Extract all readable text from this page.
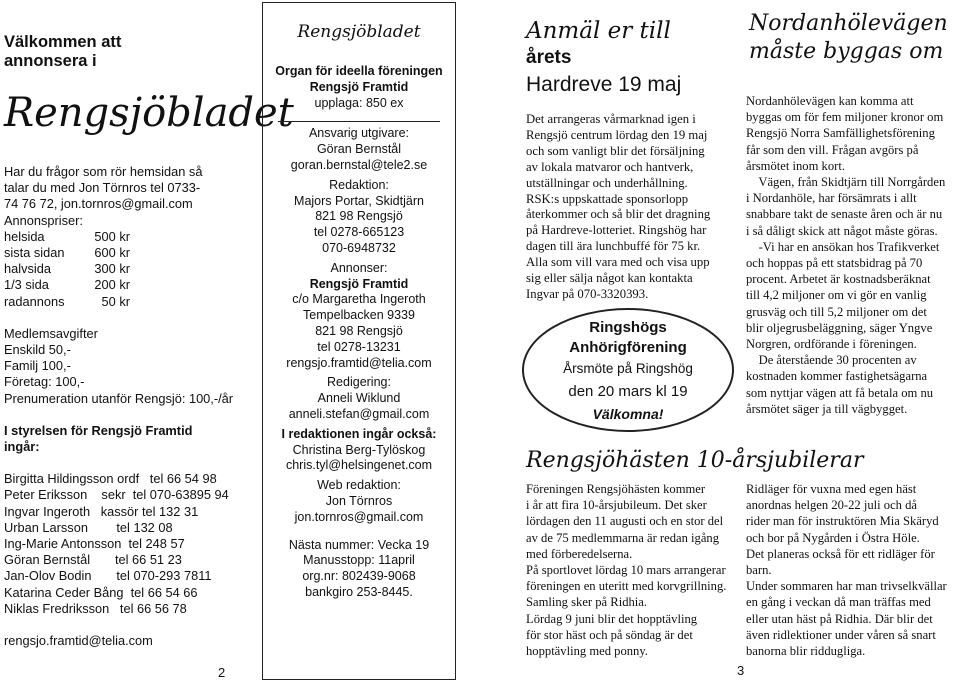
Välkommen att
annonsera i
Rengsjöbladet
Har du frågor som rör hemsidan så
talar du med Jon Törnros tel 0733-
74 76 72, jon.tornros@gmail.com
Annonspriser:
helsida	500 kr
sista sidan	600 kr
halvsida	300 kr
1/3 sida	200 kr
radannons	50 kr
Medlemsavgifter
Enskild 50,-
Familj 100,-
Företag: 100,-
Prenumeration utanför Rengsjö: 100,-/år
I styrelsen för Rengsjö Framtid
ingår:
Birgitta Hildingsson ordf   tel 66 54 98
Peter Eriksson    sekr  tel 070-63895 94
Ingvar Ingeroth   kassör tel 132 31
Urban Larsson        tel 132 08
Ing-Marie Antonsson  tel 248 57
Göran Bernstål       tel 66 51 23
Jan-Olov Bodin       tel 070-293 7811
Katarina Ceder Bång  tel 66 54 66
Niklas Fredriksson   tel 66 56 78
rengsjo.framtid@telia.com
2
Rengsjöbladet
Organ för ideella föreningen
Rengsjö Framtid
upplaga: 850 ex
Ansvarig utgivare:
Göran Bernstål
goran.bernstal@tele2.se
Redaktion:
Majors Portar, Skidtjärn
821 98 Rengsjö
tel 0278-665123
070-6948732
Annonser:
Rengsjö Framtid
c/o Margaretha Ingeroth
Tempelbacken 9339
821 98 Rengsjö
tel 0278-13231
rengsjo.framtid@telia.com
Redigering:
Anneli Wiklund
anneli.stefan@gmail.com
I redaktionen ingår också:
Christina Berg-Tylöskog
chris.tyl@helsingenet.com
Web redaktion:
Jon Törnros
jon.tornros@gmail.com
Nästa nummer: Vecka 19
Manusstopp: 11april
org.nr: 802439-9068
bankgiro 253-8445.
Anmäl er till
årets
Hardreve 19 maj
Det arrangeras vårmarknad igen i
Rengsjö centrum lördag den 19 maj
och som vanligt blir det försäljning
av lokala matvaror och hantverk,
utställningar och underhållning.
RSK:s uppskattade sponsorlopp
återkommer och så blir det dragning
på Hardreve-lotteriet. Ringshög har
dagen till ära lunchbuffé för 75 kr.
Alla som vill vara med och visa upp
sig eller sälja något kan kontakta
Ingvar på 070-3320393.
Ringshögs
Anhörigförening
Årsmöte på Ringshög
den 20 mars kl 19
Välkomna!
Nordanhölevägen
måste byggas om
Nordanhölevägen kan komma att
byggas om för fem miljoner kronor om
Rengsjö Norra Samfällighetsförening
får som den vill. Frågan avgörs på
årsmötet inom kort.
Vägen, från Skidtjärn till Norrgården
i Nordanhöle, har försämrats i allt
snabbare takt de senaste åren och är nu
i så dåligt skick att något måste göras.
-Vi har en ansökan hos Trafikverket
och hoppas på ett statsbidrag på 70
procent. Arbetet är kostnadsberäknat
till 4,2 miljoner om vi gör en vanlig
grusväg och till 5,2 miljoner om det
blir oljegrusbeläggning, säger Yngve
Norgren, ordförande i föreningen.
De återstående 30 procenten av
kostnaden kommer fastighetsägarna
som nyttjar vägen att få betala om nu
årsmötet säger ja till vägbygget.
Rengsjöhästen 10-årsjubilerar
Föreningen Rengsjöhästen kommer
i år att fira 10-årsjubileum. Det sker
lördagen den 11 augusti och en stor del
av de 75 medlemmarna är redan igång
med förberedelserna.
På sportlovet lördag 10 mars arrangerar
föreningen en uteritt med korvgrillning.
Samling sker på Ridhia.
Lördag 9 juni blir det hopptävling
för stor häst och på söndag är det
hopptävling med ponny.
Ridläger för vuxna med egen häst
anordnas helgen 20-22 juli och då
rider man för instruktören Mia Skäryd
och bor på Nygården i Östra Höle.
Det planeras också för ett ridläger för
barn.
Under sommaren har man trivselkvällar
en gång i veckan då man träffas med
eller utan häst på Ridhia. Där blir det
även ridlektioner under våren så snart
banorna blir riddugliga.
3
